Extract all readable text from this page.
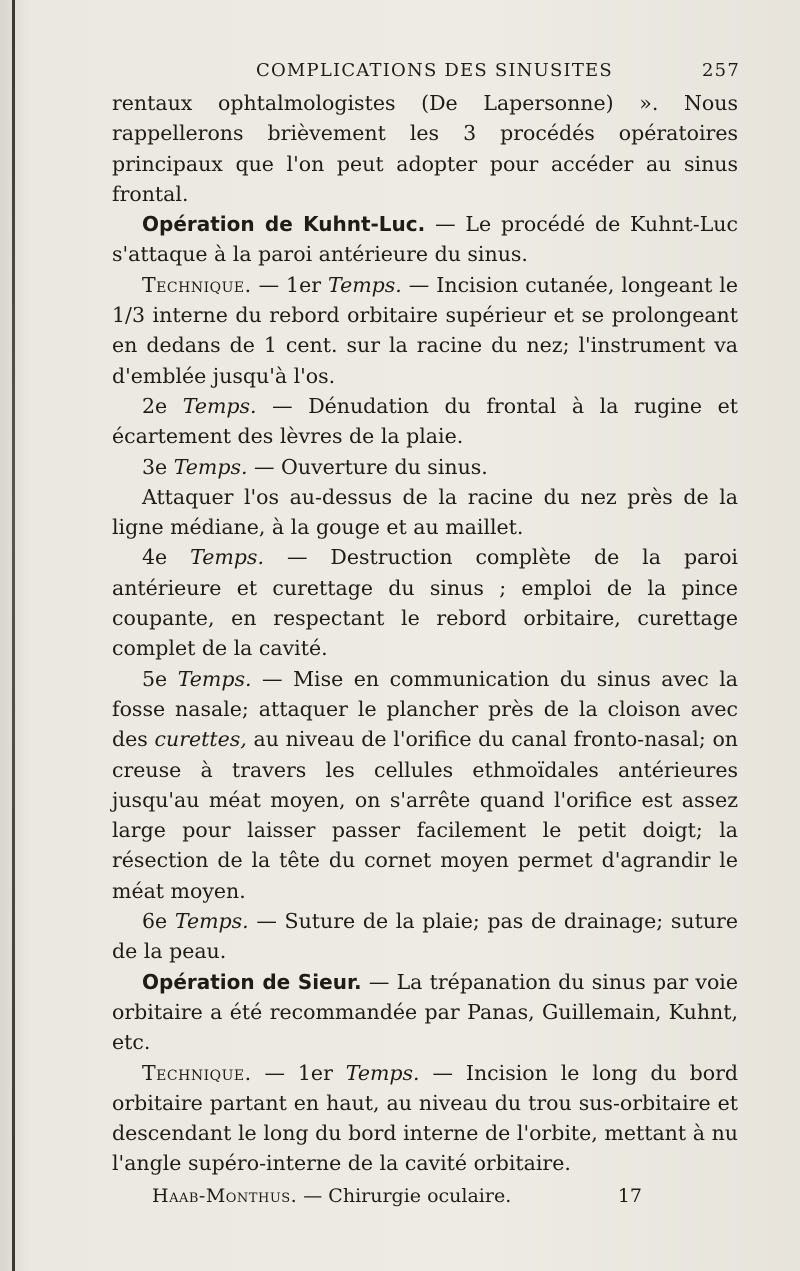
COMPLICATIONS DES SINUSITES	257

rentaux ophtalmologistes (De Lapersonne) ». Nous rappellerons brièvement les 3 procédés opératoires principaux que l'on peut adopter pour accéder au sinus frontal.

Opération de Kuhnt-Luc. — Le procédé de Kuhnt-Luc s'attaque à la paroi antérieure du sinus.

Technique. — 1er Temps. — Incision cutanée, longeant le 1/3 interne du rebord orbitaire supérieur et se prolongeant en dedans de 1 cent. sur la racine du nez; l'instrument va d'emblée jusqu'à l'os.

2e Temps. — Dénudation du frontal à la rugine et écartement des lèvres de la plaie.

3e Temps. — Ouverture du sinus.

Attaquer l'os au-dessus de la racine du nez près de la ligne médiane, à la gouge et au maillet.

4e Temps. — Destruction complète de la paroi antérieure et curettage du sinus ; emploi de la pince coupante, en respectant le rebord orbitaire, curettage complet de la cavité.

5e Temps. — Mise en communication du sinus avec la fosse nasale; attaquer le plancher près de la cloison avec des curettes, au niveau de l'orifice du canal fronto-nasal; on creuse à travers les cellules ethmoïdales antérieures jusqu'au méat moyen, on s'arrête quand l'orifice est assez large pour laisser passer facilement le petit doigt; la résection de la tête du cornet moyen permet d'agrandir le méat moyen.

6e Temps. — Suture de la plaie; pas de drainage; suture de la peau.

Opération de Sieur. — La trépanation du sinus par voie orbitaire a été recommandée par Panas, Guillemain, Kuhnt, etc.

Technique. — 1er Temps. — Incision le long du bord orbitaire partant en haut, au niveau du trou sus-orbitaire et descendant le long du bord interne de l'orbite, mettant à nu l'angle supéro-interne de la cavité orbitaire.

Haab-Monthus. — Chirurgie oculaire.	17
